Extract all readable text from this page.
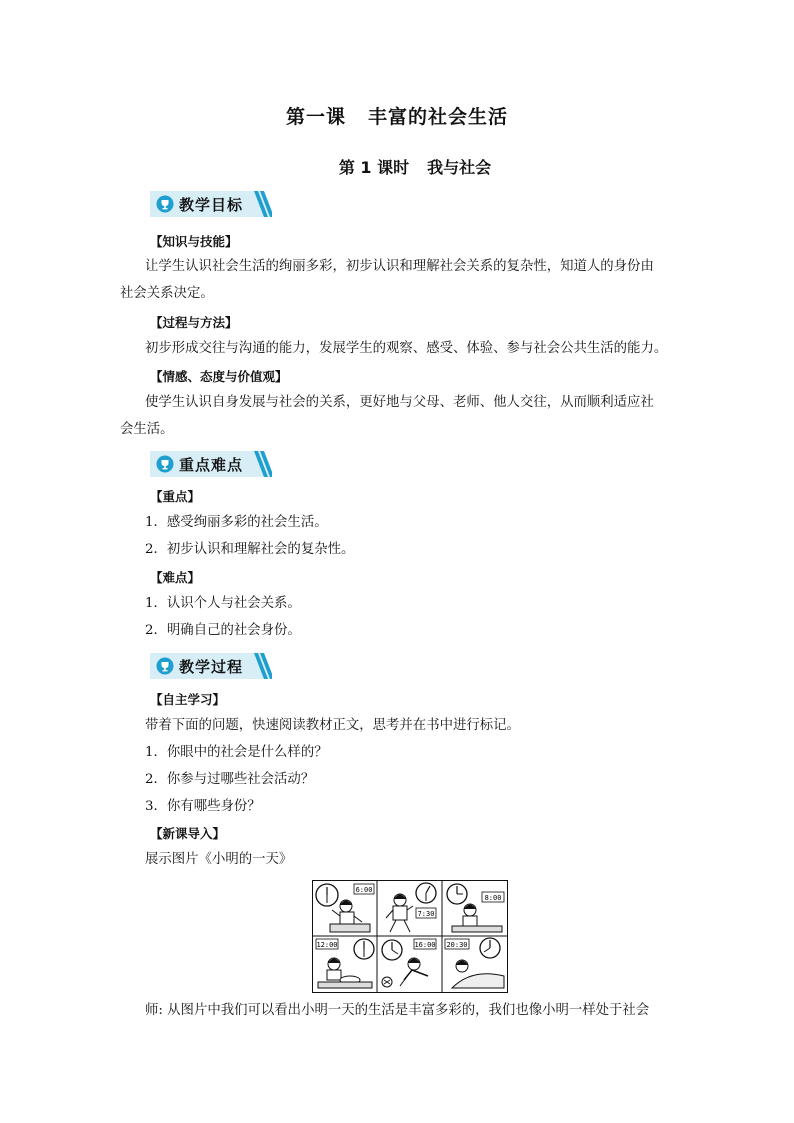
第一课 丰富的社会生活
第 1 课时 我与社会
教学目标
【知识与技能】
让学生认识社会生活的绚丽多彩，初步认识和理解社会关系的复杂性，知道人的身份由
社会关系决定。
【过程与方法】
初步形成交往与沟通的能力，发展学生的观察、感受、体验、参与社会公共生活的能力。
【情感、态度与价值观】
使学生认识自身发展与社会的关系，更好地与父母、老师、他人交往，从而顺利适应社
会生活。
重点难点
【重点】
1．感受绚丽多彩的社会生活。
2．初步认识和理解社会的复杂性。
【难点】
1．认识个人与社会关系。
2．明确自己的社会身份。
教学过程
【自主学习】
带着下面的问题，快速阅读教材正文，思考并在书中进行标记。
1．你眼中的社会是什么样的？
2．你参与过哪些社会活动？
3．你有哪些身份？
【新课导入】
展示图片《小明的一天》
6:00
7:30
8:00
12:00	16:00 20:30
师: 从图片中我们可以看出小明一天的生活是丰富多彩的，我们也像小明一样处于社会
